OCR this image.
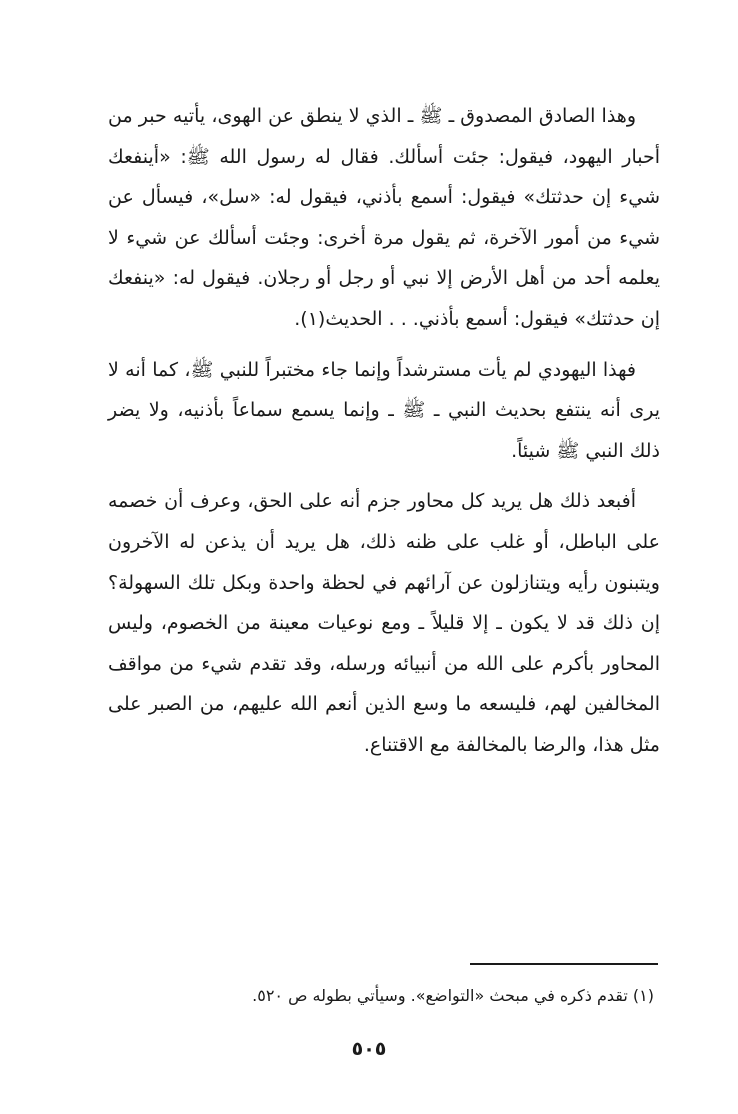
وهذا الصادق المصدوق ـ ﷺ ـ الذي لا ينطق عن الهوى، يأتيه حبر من أحبار اليهود، فيقول: جئت أسألك. فقال له رسول الله ﷺ: «أينفعك شيء إن حدثتك» فيقول: أسمع بأذني، فيقول له: «سل»، فيسأل عن شيء من أمور الآخرة، ثم يقول مرة أخرى: وجئت أسألك عن شيء لا يعلمه أحد من أهل الأرض إلا نبي أو رجل أو رجلان. فيقول له: «ينفعك إن حدثتك» فيقول: أسمع بأذني. . . الحديث(١).

فهذا اليهودي لم يأت مسترشداً وإنما جاء مختبراً للنبي ﷺ، كما أنه لا يرى أنه ينتفع بحديث النبي ـ ﷺ ـ وإنما يسمع سماعاً بأذنيه، ولا يضر ذلك النبي ﷺ شيئاً.

أفبعد ذلك هل يريد كل محاور جزم أنه على الحق، وعرف أن خصمه على الباطل، أو غلب على ظنه ذلك، هل يريد أن يذعن له الآخرون ويتبنون رأيه ويتنازلون عن آرائهم في لحظة واحدة وبكل تلك السهولة؟ إن ذلك قد لا يكون ـ إلا قليلاً ـ ومع نوعيات معينة من الخصوم، وليس المحاور بأكرم على الله من أنبيائه ورسله، وقد تقدم شيء من مواقف المخالفين لهم، فليسعه ما وسع الذين أنعم الله عليهم، من الصبر على مثل هذا، والرضا بالمخالفة مع الاقتناع.

(١) تقدم ذكره في مبحث «التواضع». وسيأتي بطوله ص ٥٢٠.
٥٠٥
